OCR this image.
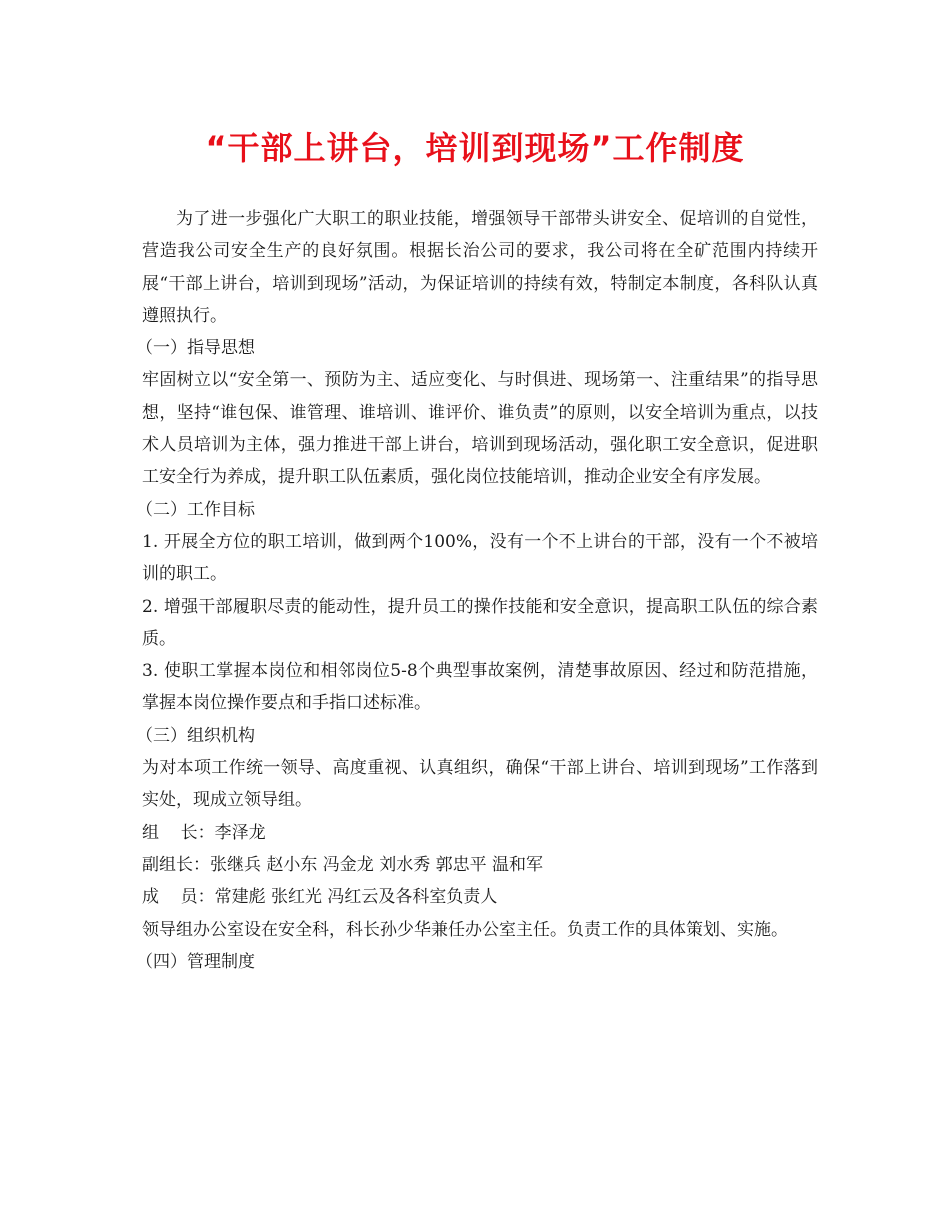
“干部上讲台，培训到现场”工作制度

为了进一步强化广大职工的职业技能，增强领导干部带头讲安全、促培训的自觉性，营造我公司安全生产的良好氛围。根据长治公司的要求，我公司将在全矿范围内持续开展“干部上讲台，培训到现场”活动，为保证培训的持续有效，特制定本制度，各科队认真遵照执行。

（一）指导思想

牢固树立以“安全第一、预防为主、适应变化、与时俱进、现场第一、注重结果”的指导思想，坚持“谁包保、谁管理、谁培训、谁评价、谁负责”的原则，以安全培训为重点，以技术人员培训为主体，强力推进干部上讲台，培训到现场活动，强化职工安全意识，促进职工安全行为养成，提升职工队伍素质，强化岗位技能培训，推动企业安全有序发展。

（二）工作目标

1. 开展全方位的职工培训，做到两个100%，没有一个不上讲台的干部，没有一个不被培训的职工。

2. 增强干部履职尽责的能动性，提升员工的操作技能和安全意识，提高职工队伍的综合素质。

3. 使职工掌握本岗位和相邻岗位5-8个典型事故案例，清楚事故原因、经过和防范措施，掌握本岗位操作要点和手指口述标准。

（三）组织机构

为对本项工作统一领导、高度重视、认真组织，确保“干部上讲台、培训到现场”工作落到实处，现成立领导组。

组    长：李泽龙

副组长：张继兵 赵小东 冯金龙 刘水秀 郭忠平 温和军

成    员：常建彪 张红光 冯红云及各科室负责人

领导组办公室设在安全科，科长孙少华兼任办公室主任。负责工作的具体策划、实施。

（四）管理制度
